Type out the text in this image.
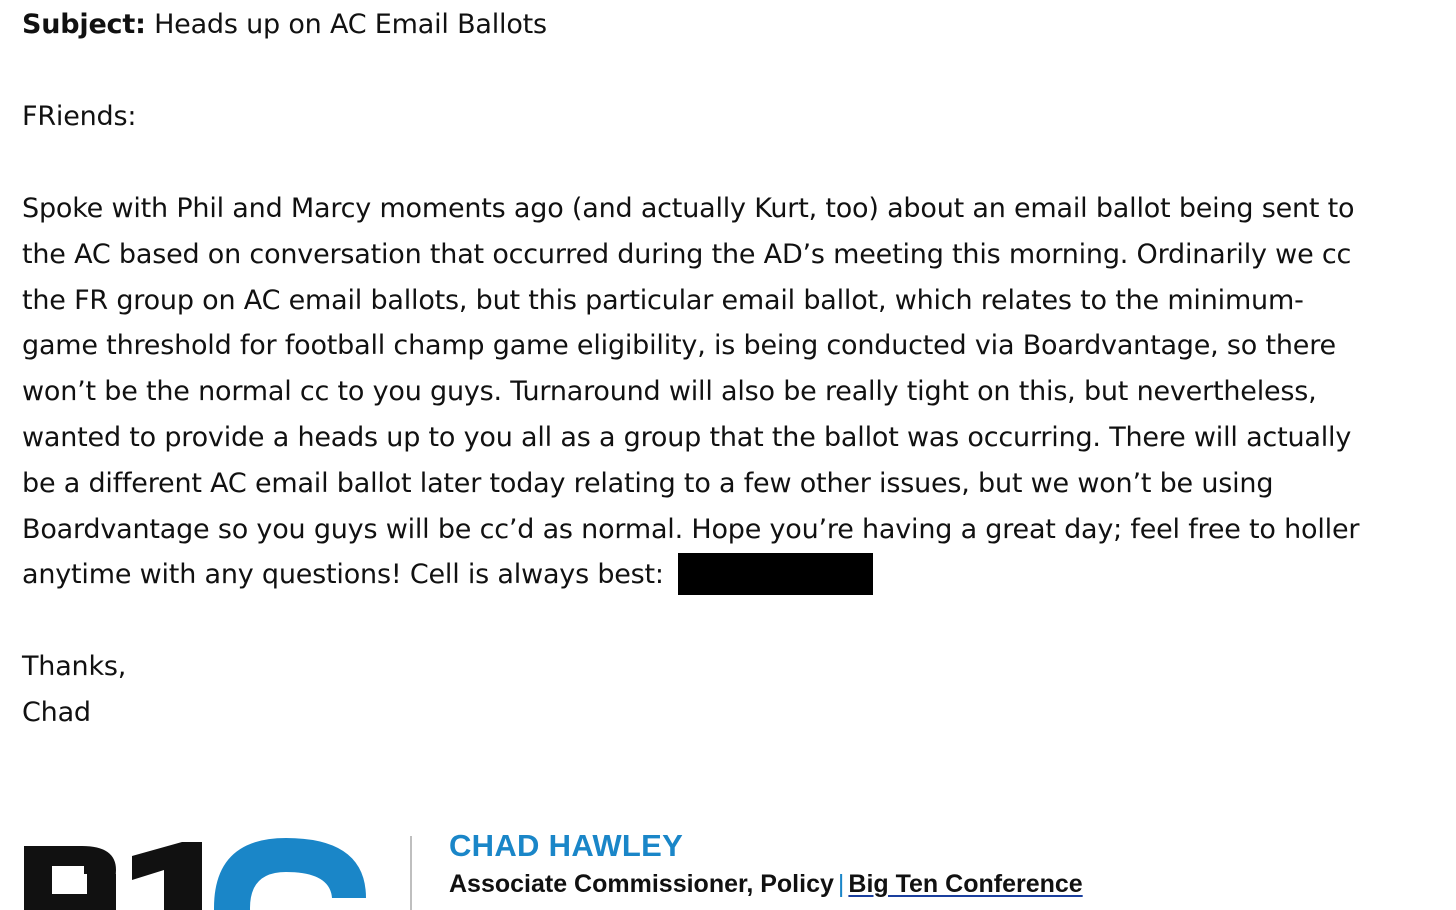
Subject: Heads up on AC Email Ballots
FRiends:
Spoke with Phil and Marcy moments ago (and actually Kurt, too) about an email ballot being sent to
the AC based on conversation that occurred during the AD’s meeting this morning. Ordinarily we cc
the FR group on AC email ballots, but this particular email ballot, which relates to the minimum-
game threshold for football champ game eligibility, is being conducted via Boardvantage, so there
won’t be the normal cc to you guys. Turnaround will also be really tight on this, but nevertheless,
wanted to provide a heads up to you all as a group that the ballot was occurring. There will actually
be a different AC email ballot later today relating to a few other issues, but we won’t be using
Boardvantage so you guys will be cc’d as normal. Hope you’re having a great day; feel free to holler
anytime with any questions! Cell is always best:
Thanks,
Chad
CHAD HAWLEY
Associate Commissioner, Policy | Big Ten Conference
